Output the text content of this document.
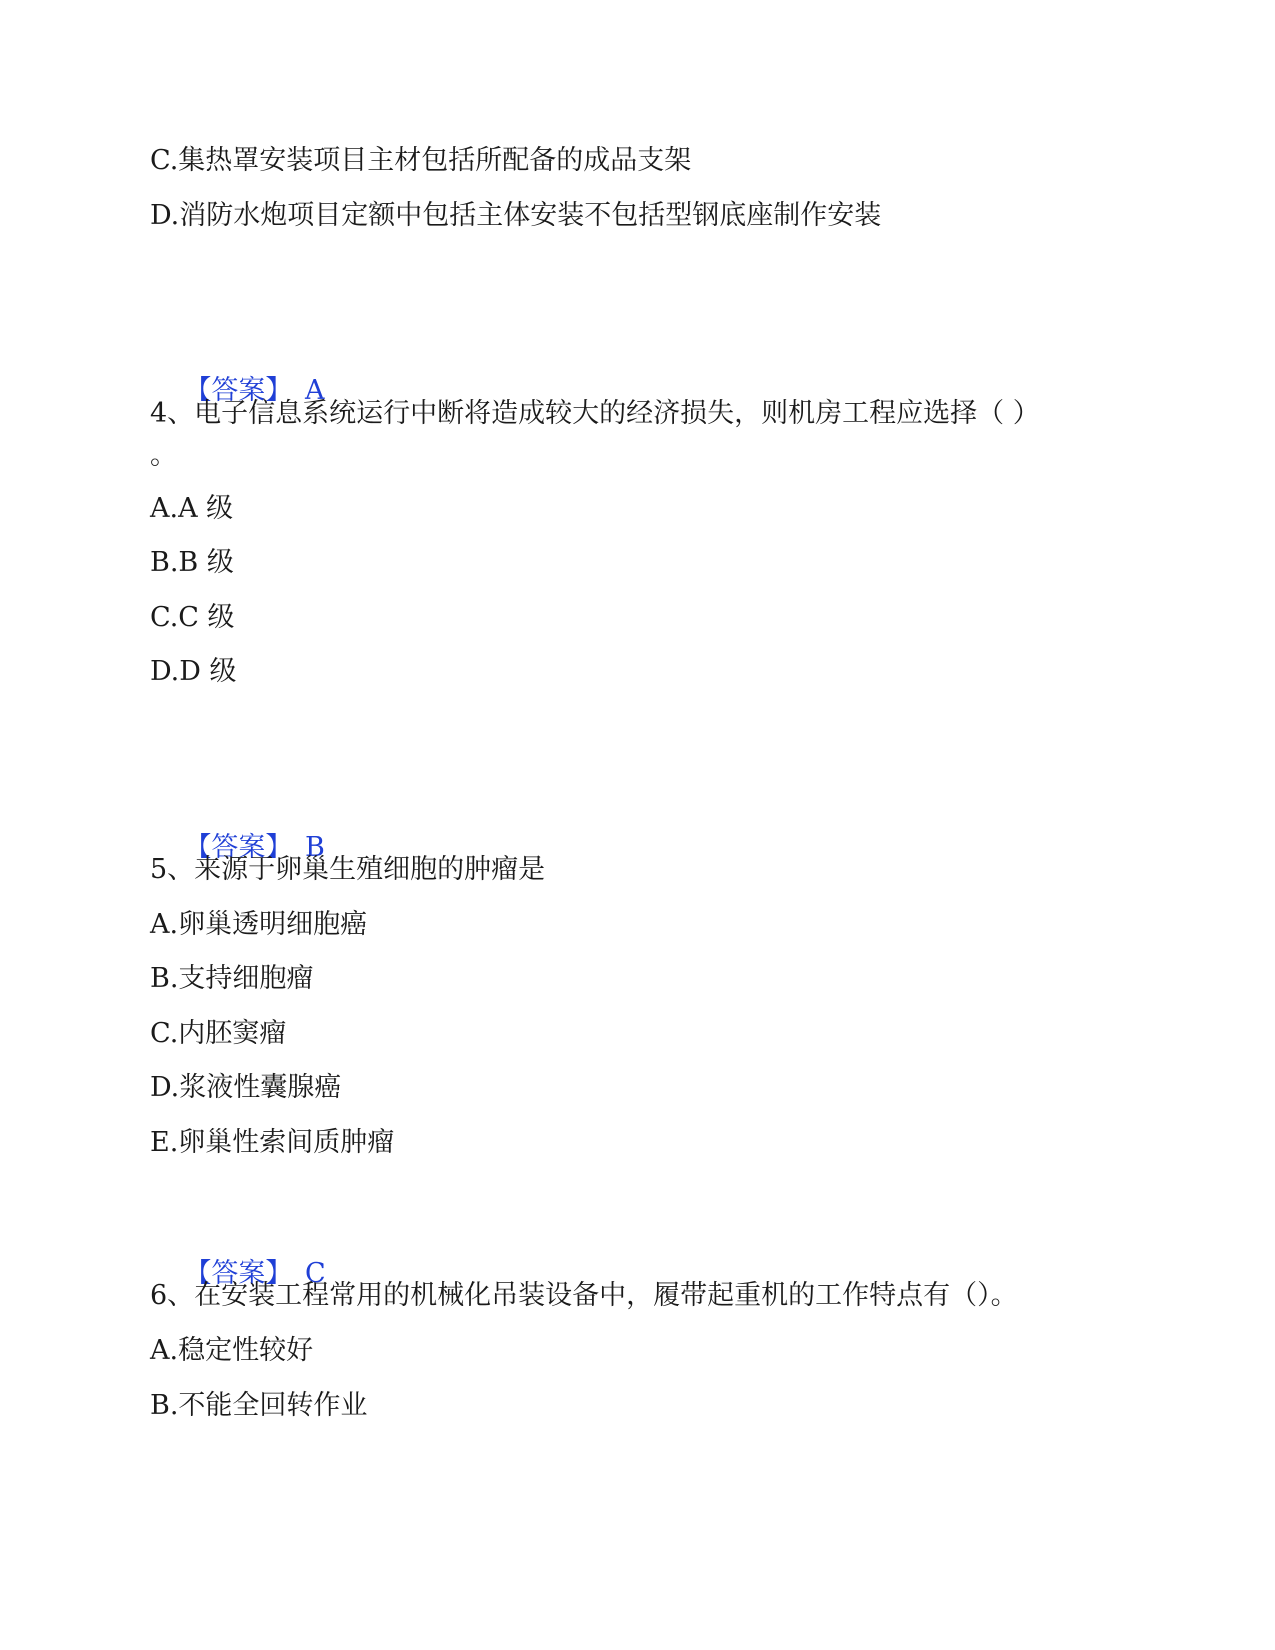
C.集热罩安装项目主材包括所配备的成品支架
D.消防水炮项目定额中包括主体安装不包括型钢底座制作安装

【答案】 A

4、电子信息系统运行中断将造成较大的经济损失，则机房工程应选择（ ）
。
A.A 级
B.B 级
C.C 级
D.D 级

【答案】 B

5、来源于卵巢生殖细胞的肿瘤是
A.卵巢透明细胞癌
B.支持细胞瘤
C.内胚窦瘤
D.浆液性囊腺癌
E.卵巢性索间质肿瘤

【答案】 C

6、在安装工程常用的机械化吊装设备中，履带起重机的工作特点有（）。
A.稳定性较好
B.不能全回转作业
